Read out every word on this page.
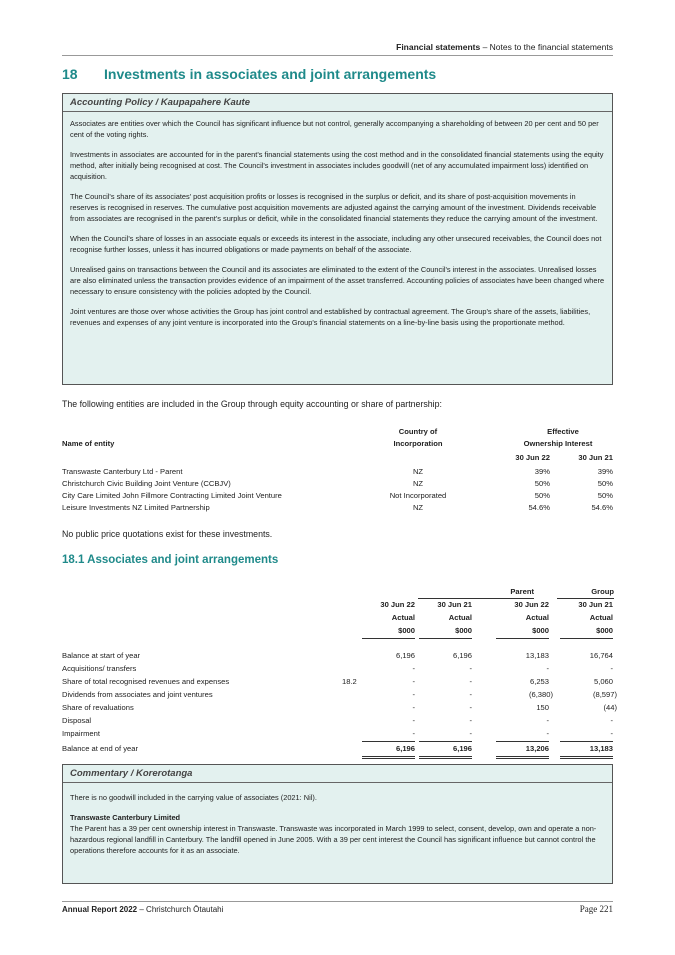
Financial statements – Notes to the financial statements
18 Investments in associates and joint arrangements
Accounting Policy / Kaupapahere Kaute

Associates are entities over which the Council has significant influence but not control, generally accompanying a shareholding of between 20 per cent and 50 per cent of the voting rights.

Investments in associates are accounted for in the parent's financial statements using the cost method and in the consolidated financial statements using the equity method, after initially being recognised at cost. The Council's investment in associates includes goodwill (net of any accumulated impairment loss) identified on acquisition.

The Council's share of its associates' post acquisition profits or losses is recognised in the surplus or deficit, and its share of post-acquisition movements in reserves is recognised in reserves. The cumulative post acquisition movements are adjusted against the carrying amount of the investment. Dividends receivable from associates are recognised in the parent's surplus or deficit, while in the consolidated financial statements they reduce the carrying amount of the investment.

When the Council's share of losses in an associate equals or exceeds its interest in the associate, including any other unsecured receivables, the Council does not recognise further losses, unless it has incurred obligations or made payments on behalf of the associate.

Unrealised gains on transactions between the Council and its associates are eliminated to the extent of the Council's interest in the associates. Unrealised losses are also eliminated unless the transaction provides evidence of an impairment of the asset transferred. Accounting policies of associates have been changed where necessary to ensure consistency with the policies adopted by the Council.

Joint ventures are those over whose activities the Group has joint control and established by contractual agreement. The Group's share of the assets, liabilities, revenues and expenses of any joint venture is incorporated into the Group's financial statements on a line-by-line basis using the proportionate method.

The following entities are included in the Group through equity accounting or share of partnership:
Country of	Effective
Name of entity	Incorporation	Ownership Interest
30 Jun 22	30 Jun 21
Transwaste Canterbury Ltd - Parent	NZ	39%	39%
Christchurch Civic Building Joint Venture (CCBJV)	NZ	50%	50%
City Care Limited John Fillmore Contracting Limited Joint Venture	Not Incorporated	50%	50%
Leisure Investments NZ Limited Partnership	NZ	54.6%	54.6%
No public price quotations exist for these investments.
18.1 Associates and joint arrangements
Parent	Group
30 Jun 22	30 Jun 21	30 Jun 22	30 Jun 21
Actual	Actual	Actual	Actual
$000	$000	$000	$000
Balance at start of year	6,196	6,196	13,183	16,764
Acquisitions/ transfers	-	-	-	-
Share of total recognised revenues and expenses	18.2	-	-	6,253	5,060
Dividends from associates and joint ventures	-	-	(6,380)	(8,597)
Share of revaluations	-	-	150	(44)
Disposal	-	-	-	-
Impairment	-	-	-	-
Balance at end of year	6,196	6,196	13,206	13,183
Commentary / Korerotanga

There is no goodwill included in the carrying value of associates (2021: Nil).

Transwaste Canterbury Limited

The Parent has a 39 per cent ownership interest in Transwaste. Transwaste was incorporated in March 1999 to select, consent, develop, own and operate a non-hazardous regional landfill in Canterbury. The landfill opened in June 2005. With a 39 per cent interest the Council has significant influence but cannot control the operations therefore accounts for it as an associate.

Annual Report 2022 – Christchurch Ōtautahi	Page 221
